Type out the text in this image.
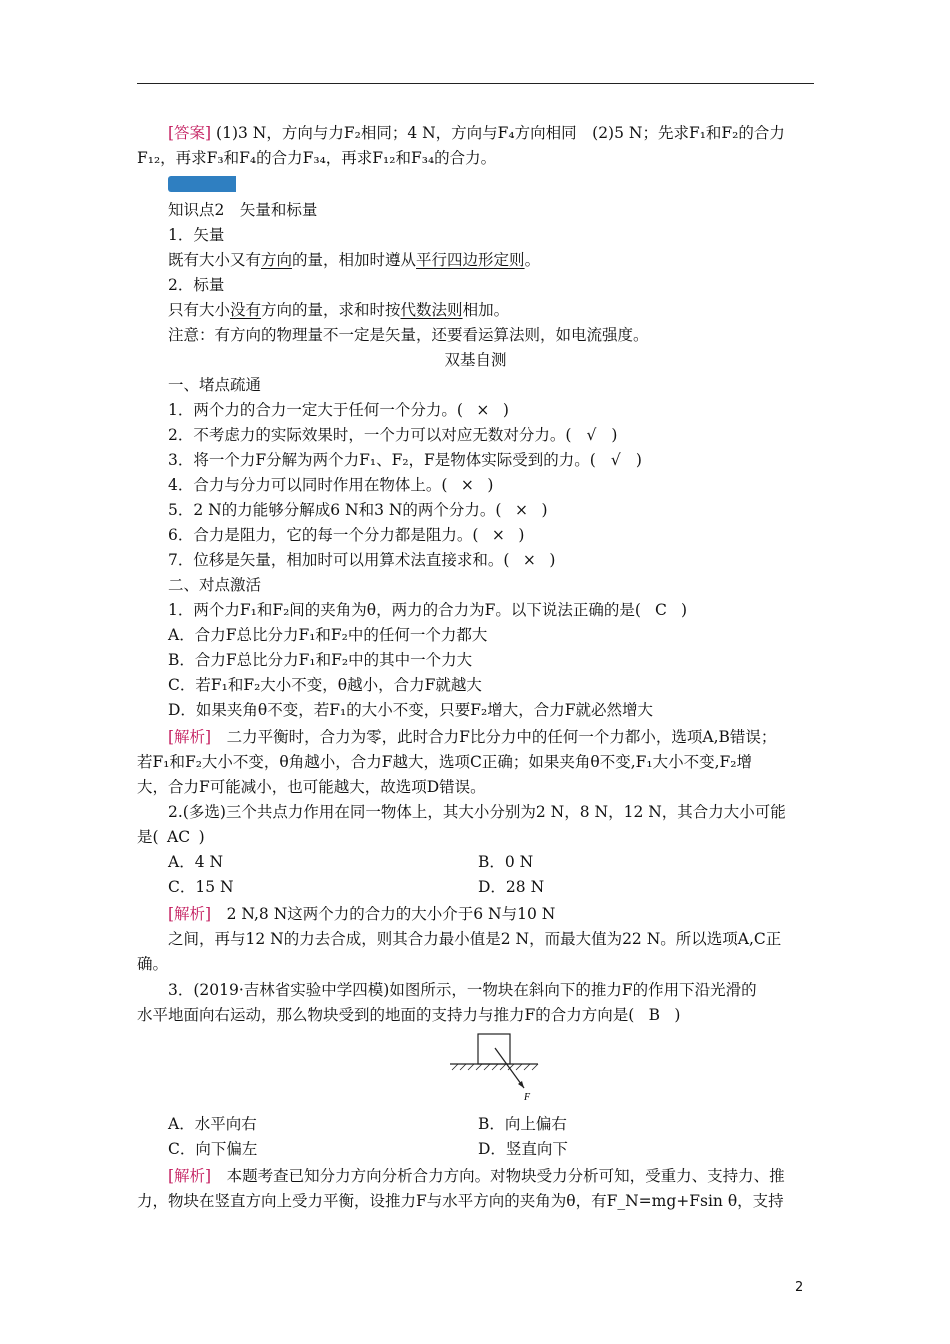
[答案] (1)3 N，方向与力F₂相同；4 N，方向与F₄方向相同　(2)5 N；先求F₁和F₂的合力
F₁₂，再求F₃和F₄的合力F₃₄，再求F₁₂和F₃₄的合力。
知识点2　矢量和标量
1．矢量
既有大小又有方向的量，相加时遵从平行四边形定则。
2．标量
只有大小没有方向的量，求和时按代数法则相加。
注意：有方向的物理量不一定是矢量，还要看运算法则，如电流强度。
双基自测
一、堵点疏通
1．两个力的合力一定大于任何一个分力。( × )
2．不考虑力的实际效果时，一个力可以对应无数对分力。( √ )
3．将一个力F分解为两个力F₁、F₂，F是物体实际受到的力。( √ )
4．合力与分力可以同时作用在物体上。( × )
5．2 N的力能够分解成6 N和3 N的两个分力。( × )
6．合力是阻力，它的每一个分力都是阻力。( × )
7．位移是矢量，相加时可以用算术法直接求和。( × )
二、对点激活
1．两个力F₁和F₂间的夹角为θ，两力的合力为F。以下说法正确的是( C )
A．合力F总比分力F₁和F₂中的任何一个力都大
B．合力F总比分力F₁和F₂中的其中一个力大
C．若F₁和F₂大小不变，θ越小，合力F就越大
D．如果夹角θ不变，若F₁的大小不变，只要F₂增大，合力F就必然增大
[解析]　 二力平衡时，合力为零，此时合力F比分力中的任何一个力都小，选项A,B错误；
若F₁和F₂大小不变，θ角越小，合力F越大，选项C正确；如果夹角θ不变,F₁大小不变,F₂增
大，合力F可能减小，也可能越大，故选项D错误。
2.(多选)三个共点力作用在同一物体上，其大小分别为2 N，8 N，12 N，其合力大小可能
是( AC )
A．4 N	B．0 N
C．15 N	D．28 N
[解析]　 2 N,8 N这两个力的合力的大小介于6 N与10 N
之间，再与12 N的力去合成，则其合力最小值是2 N，而最大值为22 N。所以选项A,C正
确。
3．(2019·吉林省实验中学四模)如图所示，一物块在斜向下的推力F的作用下沿光滑的
水平地面向右运动，那么物块受到的地面的支持力与推力F的合力方向是( B )
F
A．水平向右	B．向上偏右
C．向下偏左	D．竖直向下
[解析]　 本题考查已知分力方向分析合力方向。对物块受力分析可知，受重力、支持力、推
力，物块在竖直方向上受力平衡，设推力F与水平方向的夹角为θ，有F_N=mg+Fsin θ，支持
2
